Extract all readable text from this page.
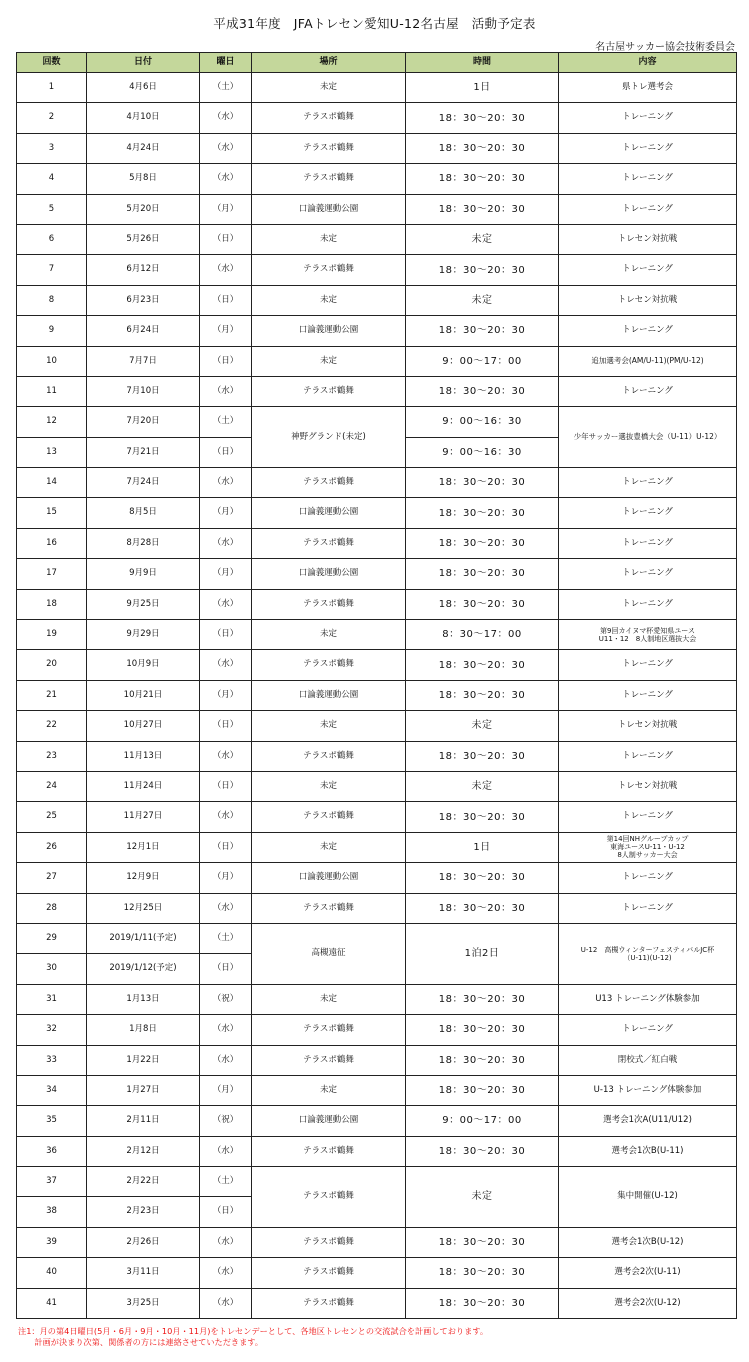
平成31年度　JFAトレセン愛知U-12名古屋　活動予定表
名古屋サッカー協会技術委員会
回数	日付	曜日	場所	時間	内容
1	4月6日	（土）	未定	1日	県トレ選考会
2	4月10日	（水）	テラスポ鶴舞	18：30～20：30	トレーニング
3	4月24日	（水）	テラスポ鶴舞	18：30～20：30	トレーニング
4	5月8日	（水）	テラスポ鶴舞	18：30～20：30	トレーニング
5	5月20日	（月）	口論義運動公園	18：30～20：30	トレーニング
6	5月26日	（日）	未定	未定	トレセン対抗戦
7	6月12日	（水）	テラスポ鶴舞	18：30～20：30	トレーニング
8	6月23日	（日）	未定	未定	トレセン対抗戦
9	6月24日	（月）	口論義運動公園	18：30～20：30	トレーニング
10	7月7日	（日）	未定	9：00～17：00	追加選考会(AM/U-11)(PM/U-12)
11	7月10日	（水）	テラスポ鶴舞	18：30～20：30	トレーニング
12	7月20日	（土）	神野グランド(未定)	9：00～16：30	少年サッカー選抜豊橋大会（U-11）U-12）
13	7月21日	（日）		9：00～16：30	
14	7月24日	（水）	テラスポ鶴舞	18：30～20：30	トレーニング
15	8月5日	（月）	口論義運動公園	18：30～20：30	トレーニング
16	8月28日	（水）	テラスポ鶴舞	18：30～20：30	トレーニング
17	9月9日	（月）	口論義運動公園	18：30～20：30	トレーニング
18	9月25日	（水）	テラスポ鶴舞	18：30～20：30	トレーニング
19	9月29日	（日）	未定	8：30～17：00	第9回カイヌマ杯愛知県ユース
U11・12　8人制地区選抜大会
20	10月9日	（水）	テラスポ鶴舞	18：30～20：30	トレーニング
21	10月21日	（月）	口論義運動公園	18：30～20：30	トレーニング
22	10月27日	（日）	未定	未定	トレセン対抗戦
23	11月13日	（水）	テラスポ鶴舞	18：30～20：30	トレーニング
24	11月24日	（日）	未定	未定	トレセン対抗戦
25	11月27日	（水）	テラスポ鶴舞	18：30～20：30	トレーニング
26	12月1日	（日）	未定	1日	第14回NHグループカップ
東海ユースU-11・U-12
8人制サッカー大会
27	12月9日	（月）	口論義運動公園	18：30～20：30	トレーニング
28	12月25日	（水）	テラスポ鶴舞	18：30～20：30	トレーニング
29	2019/1/11(予定)	（土）	高槻遠征	1泊2日	U-12　高槻ウィンターフェスティバルJC杯
（U-11)(U-12)
30	2019/1/12(予定)	（日）			
31	1月13日	（祝）	未定	18：30～20：30	U13 トレーニング体験参加
32	1月8日	（水）	テラスポ鶴舞	18：30～20：30	トレーニング
33	1月22日	（水）	テラスポ鶴舞	18：30～20：30	閉校式／紅白戦
34	1月27日	（月）	未定	18：30～20：30	U-13 トレーニング体験参加
35	2月11日	（祝）	口論義運動公園	9：00～17：00	選考会1次A(U11/U12)
36	2月12日	（水）	テラスポ鶴舞	18：30～20：30	選考会1次B(U-11)
37	2月22日	（土）	テラスポ鶴舞	未定	集中開催(U-12)
38	2月23日	（日）			
39	2月26日	（水）	テラスポ鶴舞	18：30～20：30	選考会1次B(U-12)
40	3月11日	（水）	テラスポ鶴舞	18：30～20：30	選考会2次(U-11)
41	3月25日	（水）	テラスポ鶴舞	18：30～20：30	選考会2次(U-12)
注1：月の第4日曜日(5月・6月・9月・10月・11月)をトレセンデーとして、各地区トレセンとの交流試合を計画しております。
　　計画が決まり次第、関係者の方には連絡させていただきます。
